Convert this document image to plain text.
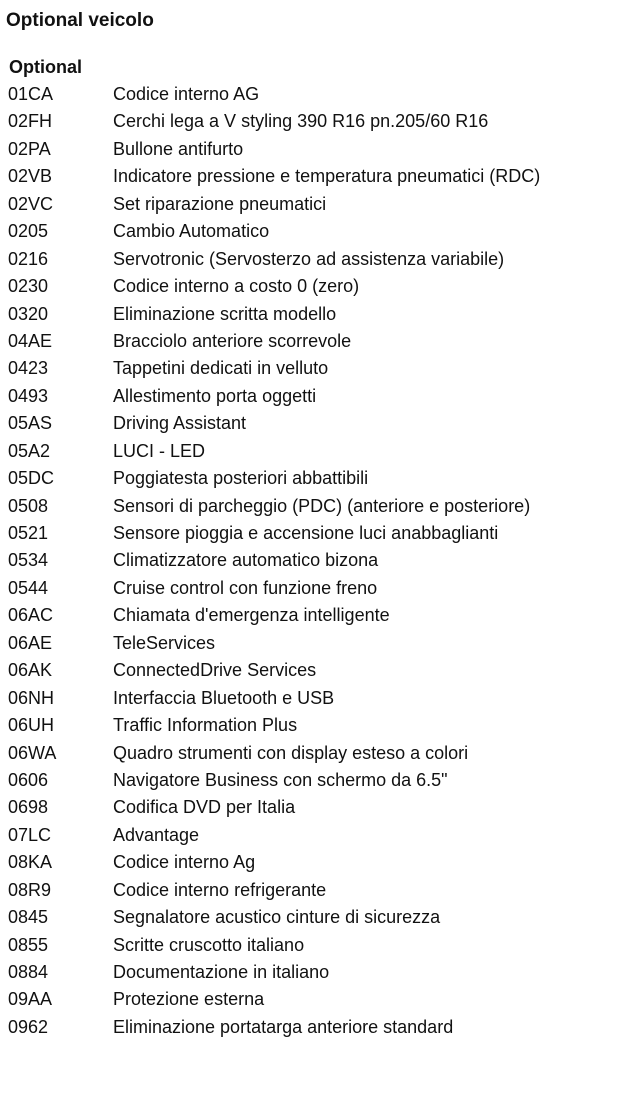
Optional veicolo
Optional
01CA	Codice interno AG
02FH	Cerchi lega a V styling 390 R16 pn.205/60 R16
02PA	Bullone antifurto
02VB	Indicatore pressione e temperatura pneumatici (RDC)
02VC	Set riparazione pneumatici
0205	Cambio Automatico
0216	Servotronic (Servosterzo ad assistenza variabile)
0230	Codice interno a costo 0 (zero)
0320	Eliminazione scritta modello
04AE	Bracciolo anteriore scorrevole
0423	Tappetini dedicati in velluto
0493	Allestimento porta oggetti
05AS	Driving Assistant
05A2	LUCI - LED
05DC	Poggiatesta posteriori abbattibili
0508	Sensori di parcheggio (PDC) (anteriore e posteriore)
0521	Sensore pioggia e accensione luci anabbaglianti
0534	Climatizzatore automatico bizona
0544	Cruise control con funzione freno
06AC	Chiamata d'emergenza intelligente
06AE	TeleServices
06AK	ConnectedDrive Services
06NH	Interfaccia Bluetooth e USB
06UH	Traffic Information Plus
06WA	Quadro strumenti con display esteso a colori
0606	Navigatore Business con schermo da 6.5"
0698	Codifica DVD per Italia
07LC	Advantage
08KA	Codice interno Ag
08R9	Codice interno refrigerante
0845	Segnalatore acustico cinture di sicurezza
0855	Scritte cruscotto italiano
0884	Documentazione in italiano
09AA	Protezione esterna
0962	Eliminazione portatarga anteriore standard
